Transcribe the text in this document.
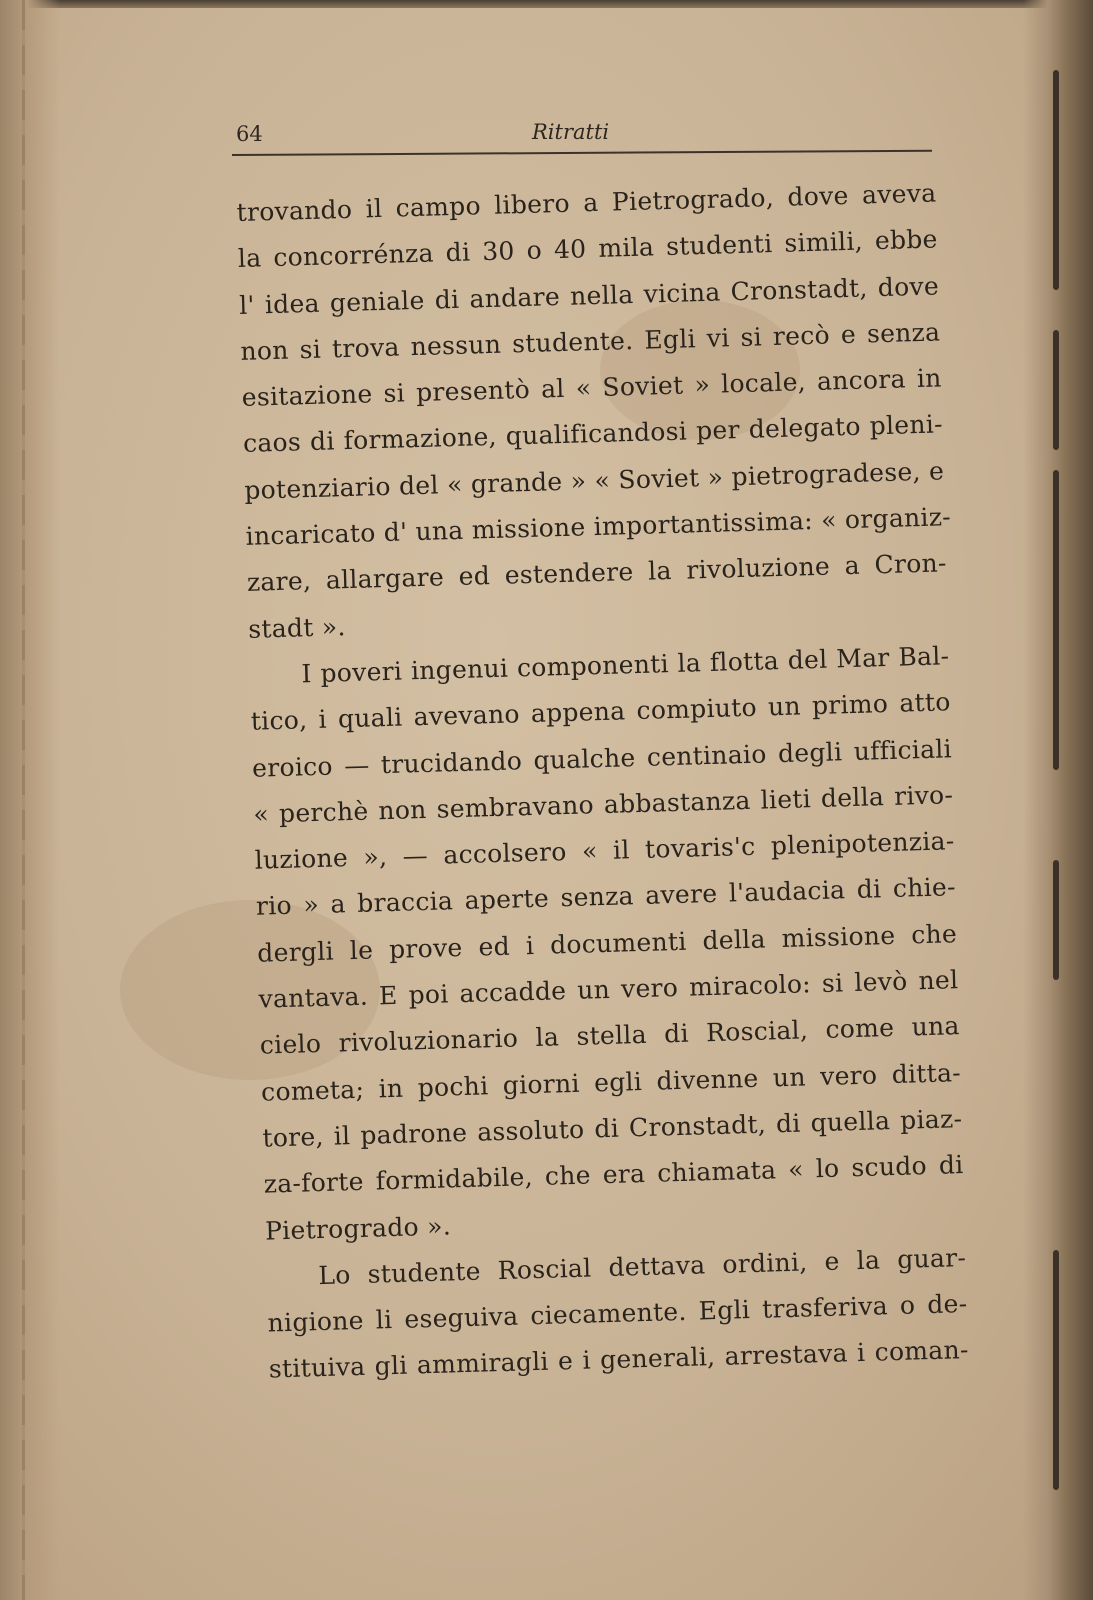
64	Ritratti
trovando il campo libero a Pietrogrado, dove aveva
la concorrénza di 30 o 40 mila studenti simili, ebbe
l' idea geniale di andare nella vicina Cronstadt, dove
non si trova nessun studente. Egli vi si recò e senza
esitazione si presentò al « Soviet » locale, ancora in
caos di formazione, qualificandosi per delegato pleni-
potenziario del « grande » « Soviet » pietrogradese, e
incaricato d' una missione importantissima: « organiz-
zare, allargare ed estendere la rivoluzione a Cron-
stadt ».
I poveri ingenui componenti la flotta del Mar Bal-
tico, i quali avevano appena compiuto un primo atto
eroico — trucidando qualche centinaio degli ufficiali
« perchè non sembravano abbastanza lieti della rivo-
luzione », — accolsero « il tovaris'c plenipotenzia-
rio » a braccia aperte senza avere l'audacia di chie-
dergli le prove ed i documenti della missione che
vantava. E poi accadde un vero miracolo: si levò nel
cielo rivoluzionario la stella di Roscial, come una
cometa; in pochi giorni egli divenne un vero ditta-
tore, il padrone assoluto di Cronstadt, di quella piaz-
za-forte formidabile, che era chiamata « lo scudo di
Pietrogrado ».
Lo studente Roscial dettava ordini, e la guar-
nigione li eseguiva ciecamente. Egli trasferiva o de-
stituiva gli ammiragli e i generali, arrestava i coman-
